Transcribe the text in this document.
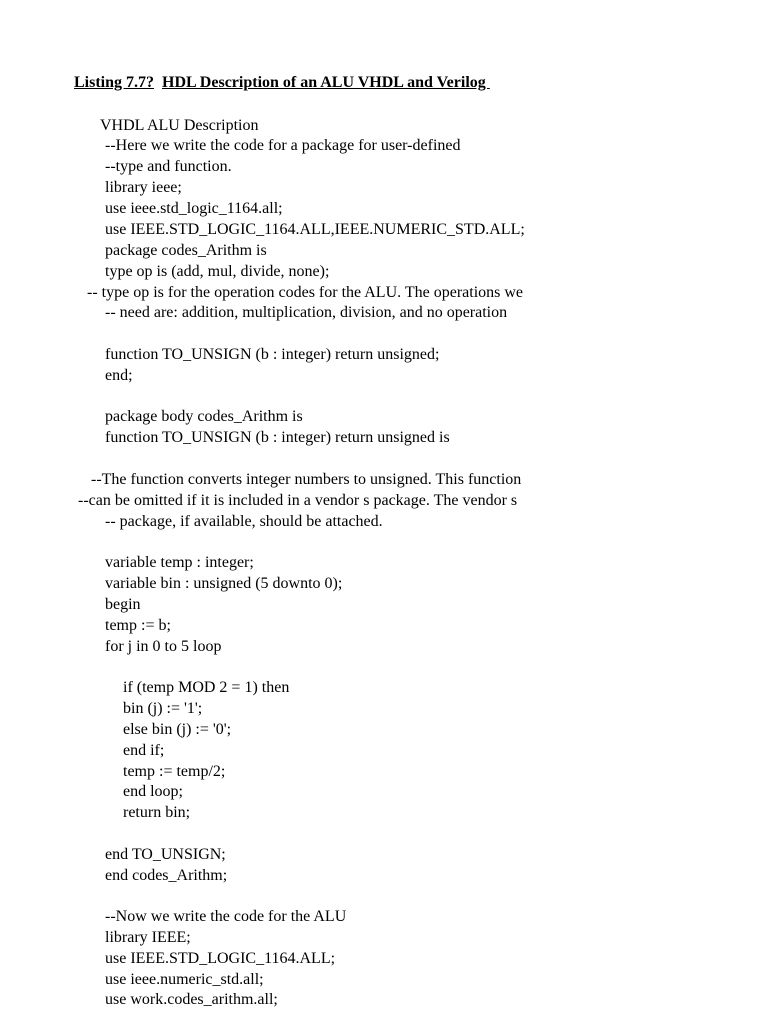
Listing 7.7? HDL Description of an ALU VHDL and Verilog
VHDL ALU Description
--Here we write the code for a package for user-defined
--type and function.
library ieee;
use ieee.std_logic_1164.all;
use IEEE.STD_LOGIC_1164.ALL,IEEE.NUMERIC_STD.ALL;
package codes_Arithm is
type op is (add, mul, divide, none);
-- type op is for the operation codes for the ALU. The operations we
-- need are: addition, multiplication, division, and no operation
function TO_UNSIGN (b : integer) return unsigned;
end;
package body codes_Arithm is
function TO_UNSIGN (b : integer) return unsigned is
--The function converts integer numbers to unsigned. This function
--can be omitted if it is included in a vendor s package. The vendor s
-- package, if available, should be attached.
variable temp : integer;
variable bin : unsigned (5 downto 0);
begin
temp := b;
for j in 0 to 5 loop
if (temp MOD 2 = 1) then
bin (j) := '1';
else bin (j) := '0';
end if;
temp := temp/2;
end loop;
return bin;
end TO_UNSIGN;
end codes_Arithm;
--Now we write the code for the ALU
library IEEE;
use IEEE.STD_LOGIC_1164.ALL;
use ieee.numeric_std.all;
use work.codes_arithm.all;
